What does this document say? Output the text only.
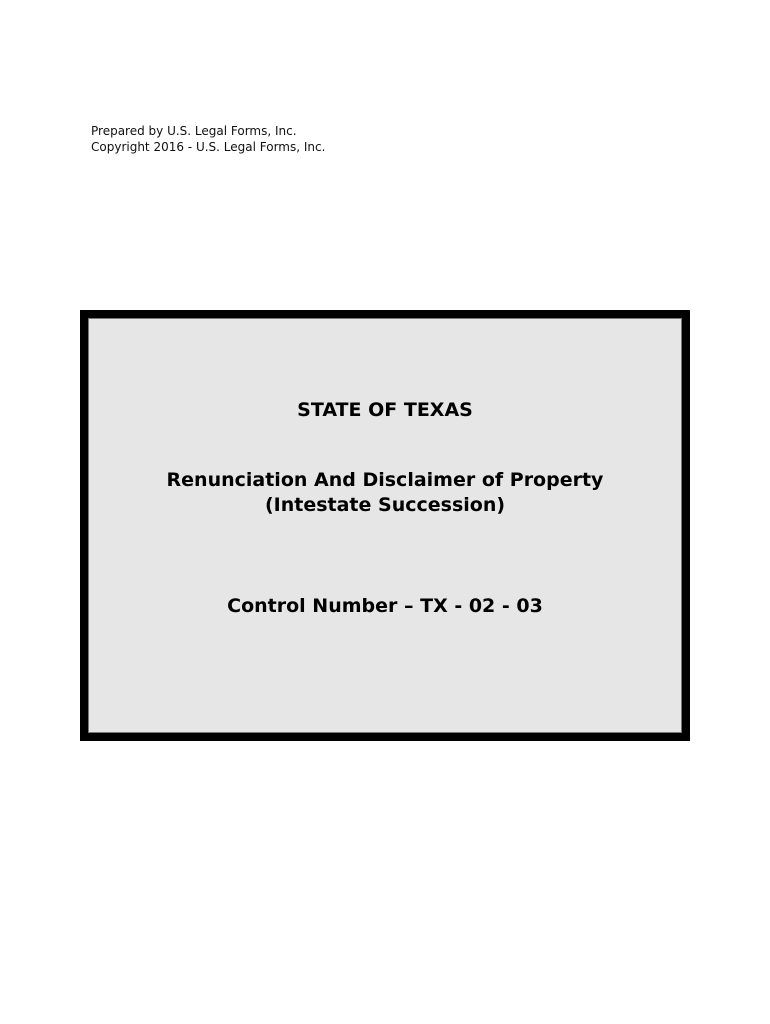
Prepared by U.S. Legal Forms, Inc.
Copyright 2016 - U.S. Legal Forms, Inc.
STATE OF TEXAS
Renunciation And Disclaimer of Property
(Intestate Succession)
Control Number – TX - 02 - 03
